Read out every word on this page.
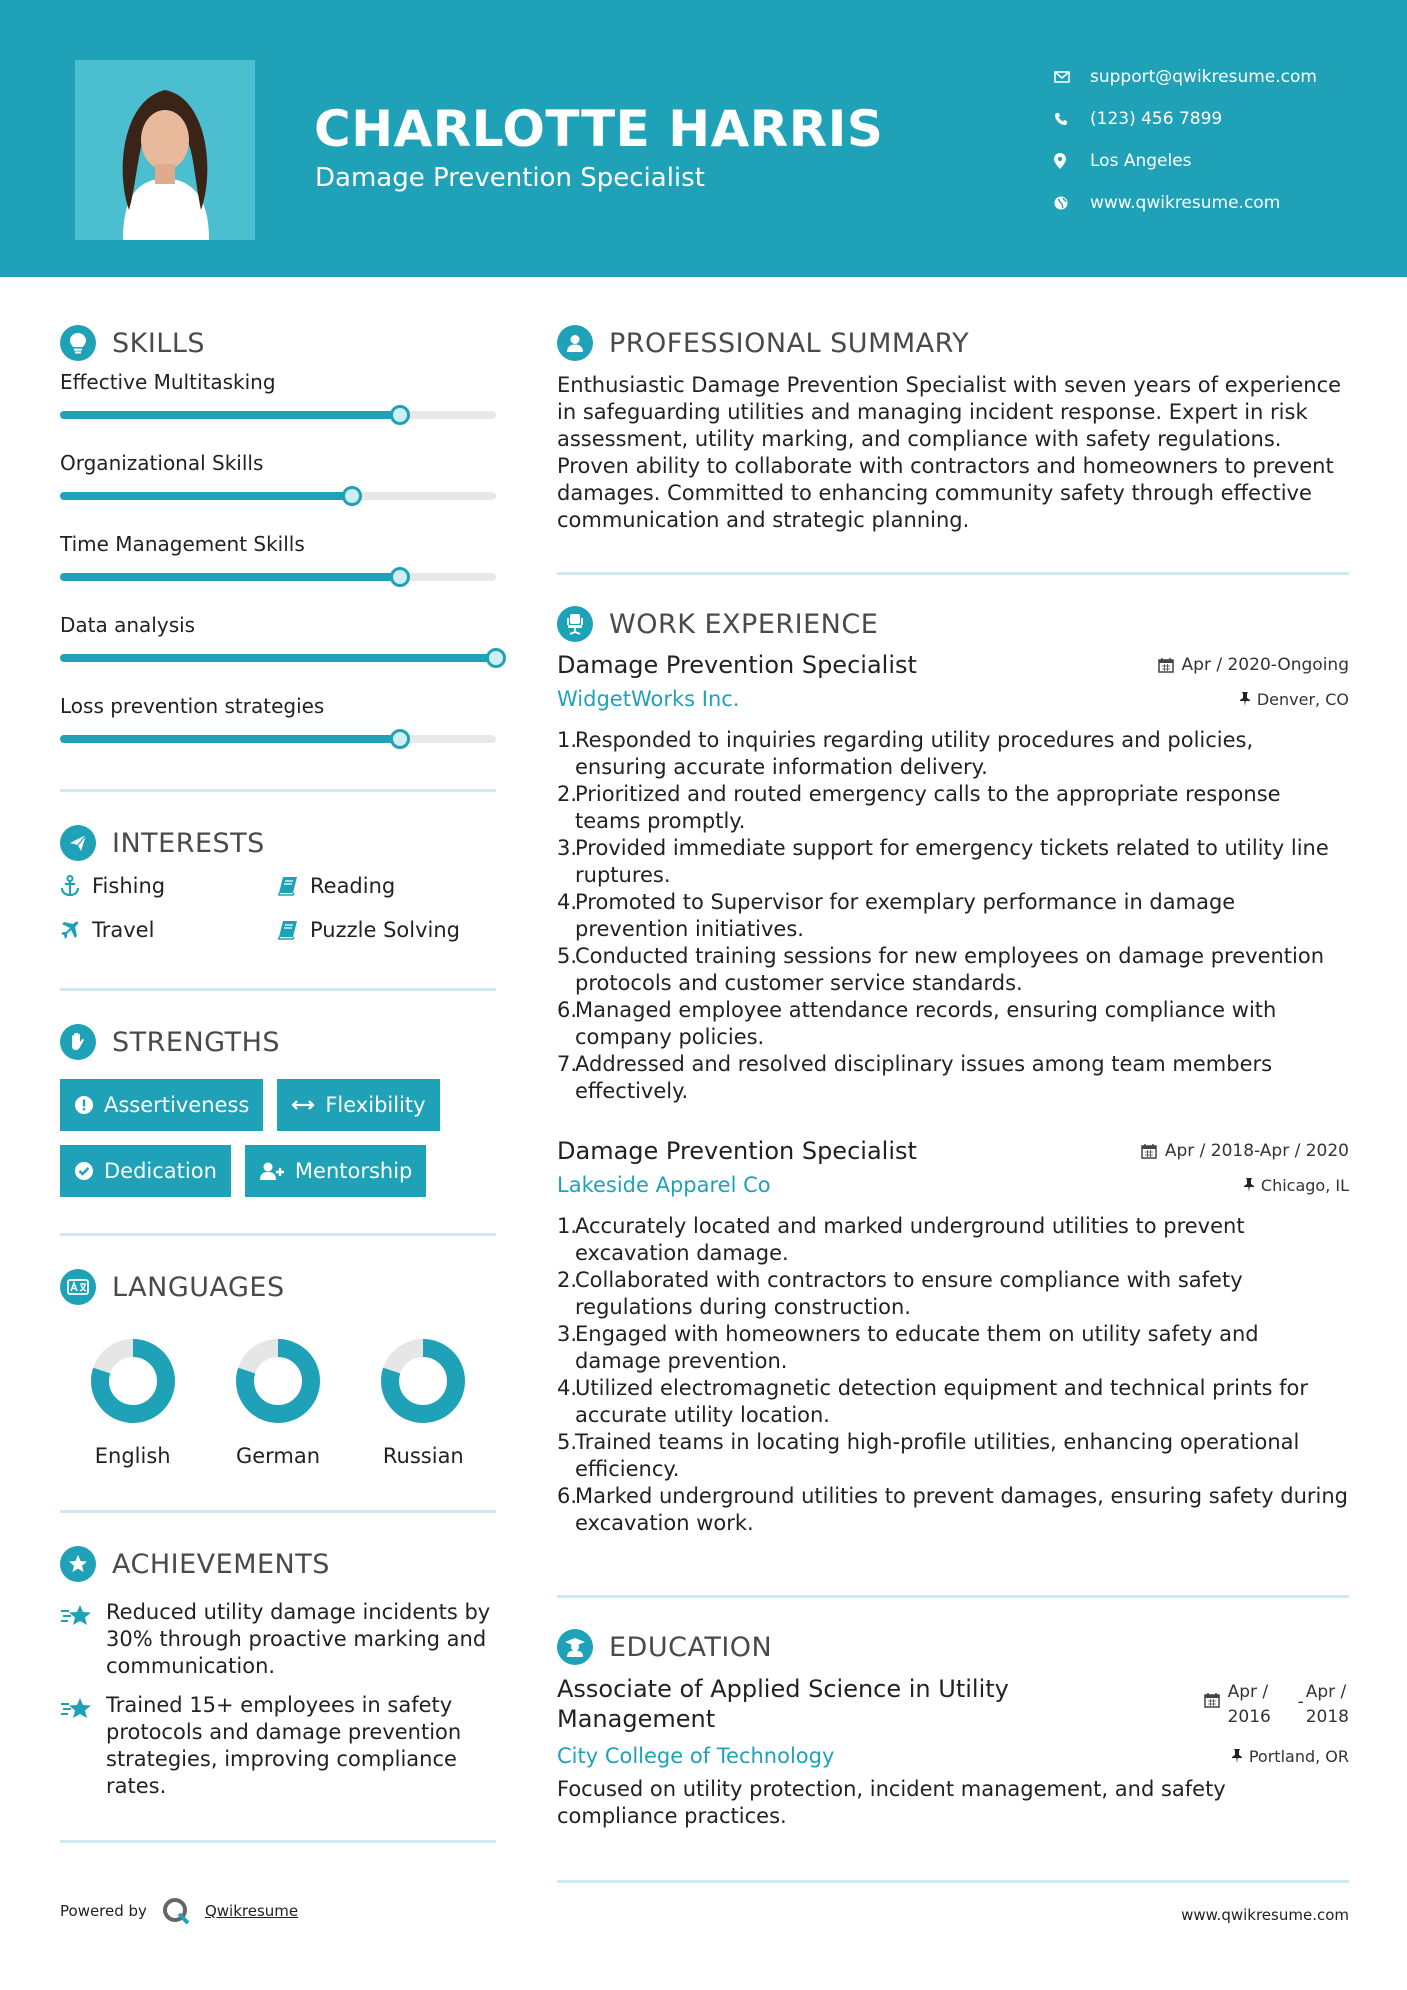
CHARLOTTE HARRIS
Damage Prevention Specialist
support@qwikresume.com
(123) 456 7899
Los Angeles
www.qwikresume.com
SKILLS
Effective Multitasking
Organizational Skills
Time Management Skills
Data analysis
Loss prevention strategies
INTERESTS
Fishing	Reading
Travel	Puzzle Solving
STRENGTHS
Assertiveness	Flexibility
Dedication	Mentorship
LANGUAGES
English	German	Russian
ACHIEVEMENTS
Reduced utility damage incidents by 30% through proactive marking and communication.
Trained 15+ employees in safety protocols and damage prevention strategies, improving compliance rates.
PROFESSIONAL SUMMARY
Enthusiastic Damage Prevention Specialist with seven years of experience in safeguarding utilities and managing incident response. Expert in risk assessment, utility marking, and compliance with safety regulations. Proven ability to collaborate with contractors and homeowners to prevent damages. Committed to enhancing community safety through effective communication and strategic planning.
WORK EXPERIENCE
Damage Prevention Specialist	Apr / 2020-Ongoing
WidgetWorks Inc.	Denver, CO
1.
Responded to inquiries regarding utility procedures and policies, ensuring accurate information delivery.
2.
Prioritized and routed emergency calls to the appropriate response teams promptly.
3.
Provided immediate support for emergency tickets related to utility line ruptures.
4.
Promoted to Supervisor for exemplary performance in damage prevention initiatives.
5.
Conducted training sessions for new employees on damage prevention protocols and customer service standards.
6.
Managed employee attendance records, ensuring compliance with company policies.
7.
Addressed and resolved disciplinary issues among team members effectively.
Damage Prevention Specialist	Apr / 2018-Apr / 2020
Lakeside Apparel Co	Chicago, IL
1.
Accurately located and marked underground utilities to prevent excavation damage.
2.
Collaborated with contractors to ensure compliance with safety regulations during construction.
3.
Engaged with homeowners to educate them on utility safety and damage prevention.
4.
Utilized electromagnetic detection equipment and technical prints for accurate utility location.
5.
Trained teams in locating high-profile utilities, enhancing operational efficiency.
6.
Marked underground utilities to prevent damages, ensuring safety during excavation work.
EDUCATION
Associate of Applied Science in Utility
Management
Apr /
2016
- Apr /
2018
City College of Technology	Portland, OR
Focused on utility protection, incident management, and safety compliance practices.
Powered by	Qwikresume	www.qwikresume.com
